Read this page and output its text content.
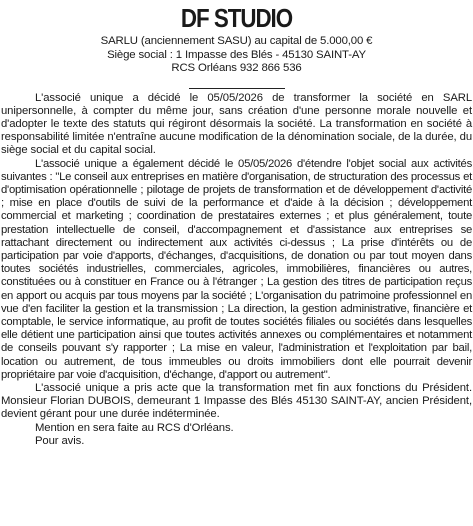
DF STUDIO
SARLU (anciennement SASU) au capital de 5.000,00 €
Siège social : 1 Impasse des Blés - 45130 SAINT-AY
RCS Orléans 932 866 536

L'associé unique a décidé le 05/05/2026 de transformer la société en SARL unipersonnelle, à compter du même jour, sans création d'une personne morale nouvelle et d'adopter le texte des statuts qui régiront désormais la société. La transformation en société à responsabilité limitée n'entraîne aucune modification de la dénomination sociale, de la durée, du siège social et du capital social.

L'associé unique a également décidé le 05/05/2026 d'étendre l'objet social aux activités suivantes : "Le conseil aux entreprises en matière d'organisation, de structuration des processus et d'optimisation opérationnelle ; pilotage de projets de transformation et de développement d'activité ; mise en place d'outils de suivi de la performance et d'aide à la décision ; développement commercial et marketing ; coordination de prestataires externes ; et plus généralement, toute prestation intellectuelle de conseil, d'accompagnement et d'assistance aux entreprises se rattachant directement ou indirectement aux activités ci-dessus ; La prise d'intérêts ou de participation par voie d'apports, d'échanges, d'acquisitions, de donation ou par tout moyen dans toutes sociétés industrielles, commerciales, agricoles, immobilières, financières ou autres, constituées ou à constituer en France ou à l'étranger ; La gestion des titres de participation reçus en apport ou acquis par tous moyens par la société ; L'organisation du patrimoine professionnel en vue d'en faciliter la gestion et la transmission ; La direction, la gestion administrative, financière et comptable, le service informatique, au profit de toutes sociétés filiales ou sociétés dans lesquelles elle détient une participation ainsi que toutes activités annexes ou complémentaires et notamment de conseils pouvant s'y rapporter ; La mise en valeur, l'administration et l'exploitation par bail, location ou autrement, de tous immeubles ou droits immobiliers dont elle pourrait devenir propriétaire par voie d'acquisition, d'échange, d'apport ou autrement".

L'associé unique a pris acte que la transformation met fin aux fonctions du Président. Monsieur Florian DUBOIS, demeurant 1 Impasse des Blés 45130 SAINT-AY, ancien Président, devient gérant pour une durée indéterminée.

Mention en sera faite au RCS d'Orléans.

Pour avis.
